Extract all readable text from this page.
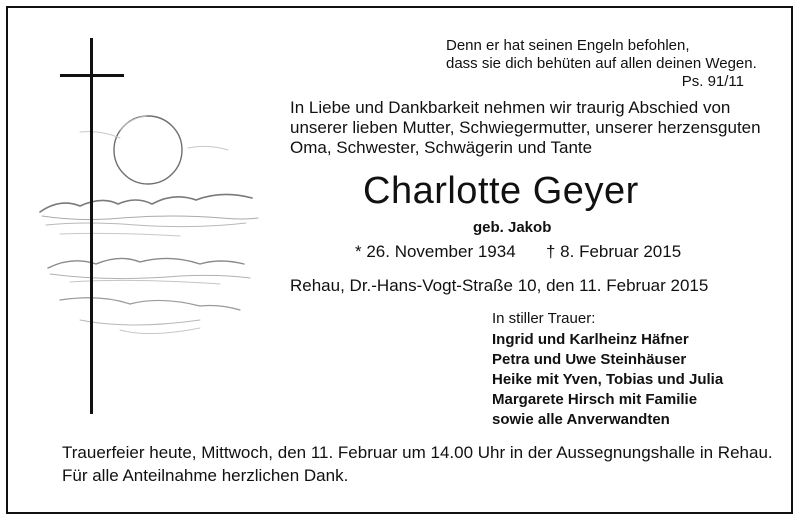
Denn er hat seinen Engeln befohlen,
dass sie dich behüten auf allen deinen Wegen.
Ps. 91/11
In Liebe und Dankbarkeit nehmen wir traurig Abschied von
unserer lieben Mutter, Schwiegermutter, unserer herzensguten
Oma, Schwester, Schwägerin und Tante
Charlotte Geyer
geb. Jakob
* 26. November 1934 † 8. Februar 2015
Rehau, Dr.-Hans-Vogt-Straße 10, den 11. Februar 2015
In stiller Trauer:
Ingrid und Karlheinz Häfner
Petra und Uwe Steinhäuser
Heike mit Yven, Tobias und Julia
Margarete Hirsch mit Familie
sowie alle Anverwandten
Trauerfeier heute, Mittwoch, den 11. Februar um 14.00 Uhr in der Aussegnungshalle in Rehau.
Für alle Anteilnahme herzlichen Dank.
